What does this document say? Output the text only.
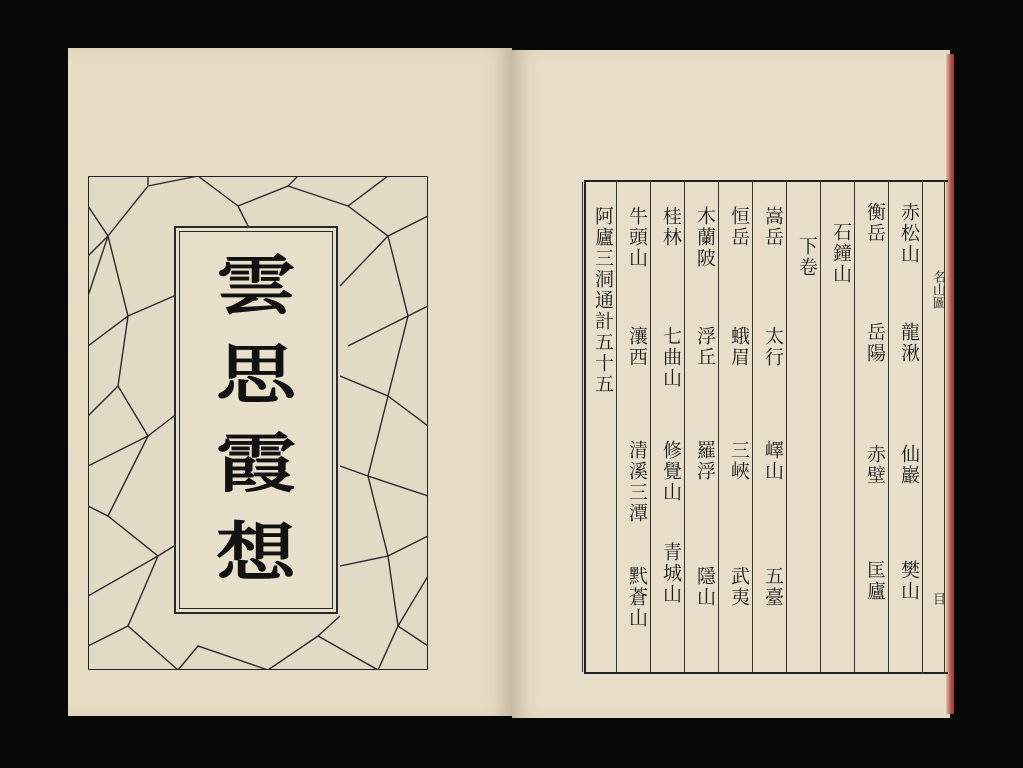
雲
思
霞
想
赤松山
龍湫
仙巖
樊山
衡岳
岳陽
赤壁
匡廬
石鐘山
下卷
嵩岳
太行
嶧山
五臺
恒岳
蛾眉
三峽
武夷
木蘭陂
浮丘
羅浮
隱山
桂林
七曲山
修覺山
青城山
牛頭山
瀼西
清溪三潭
黓蒼山
阿廬三洞通計五十五	名山圖
目
